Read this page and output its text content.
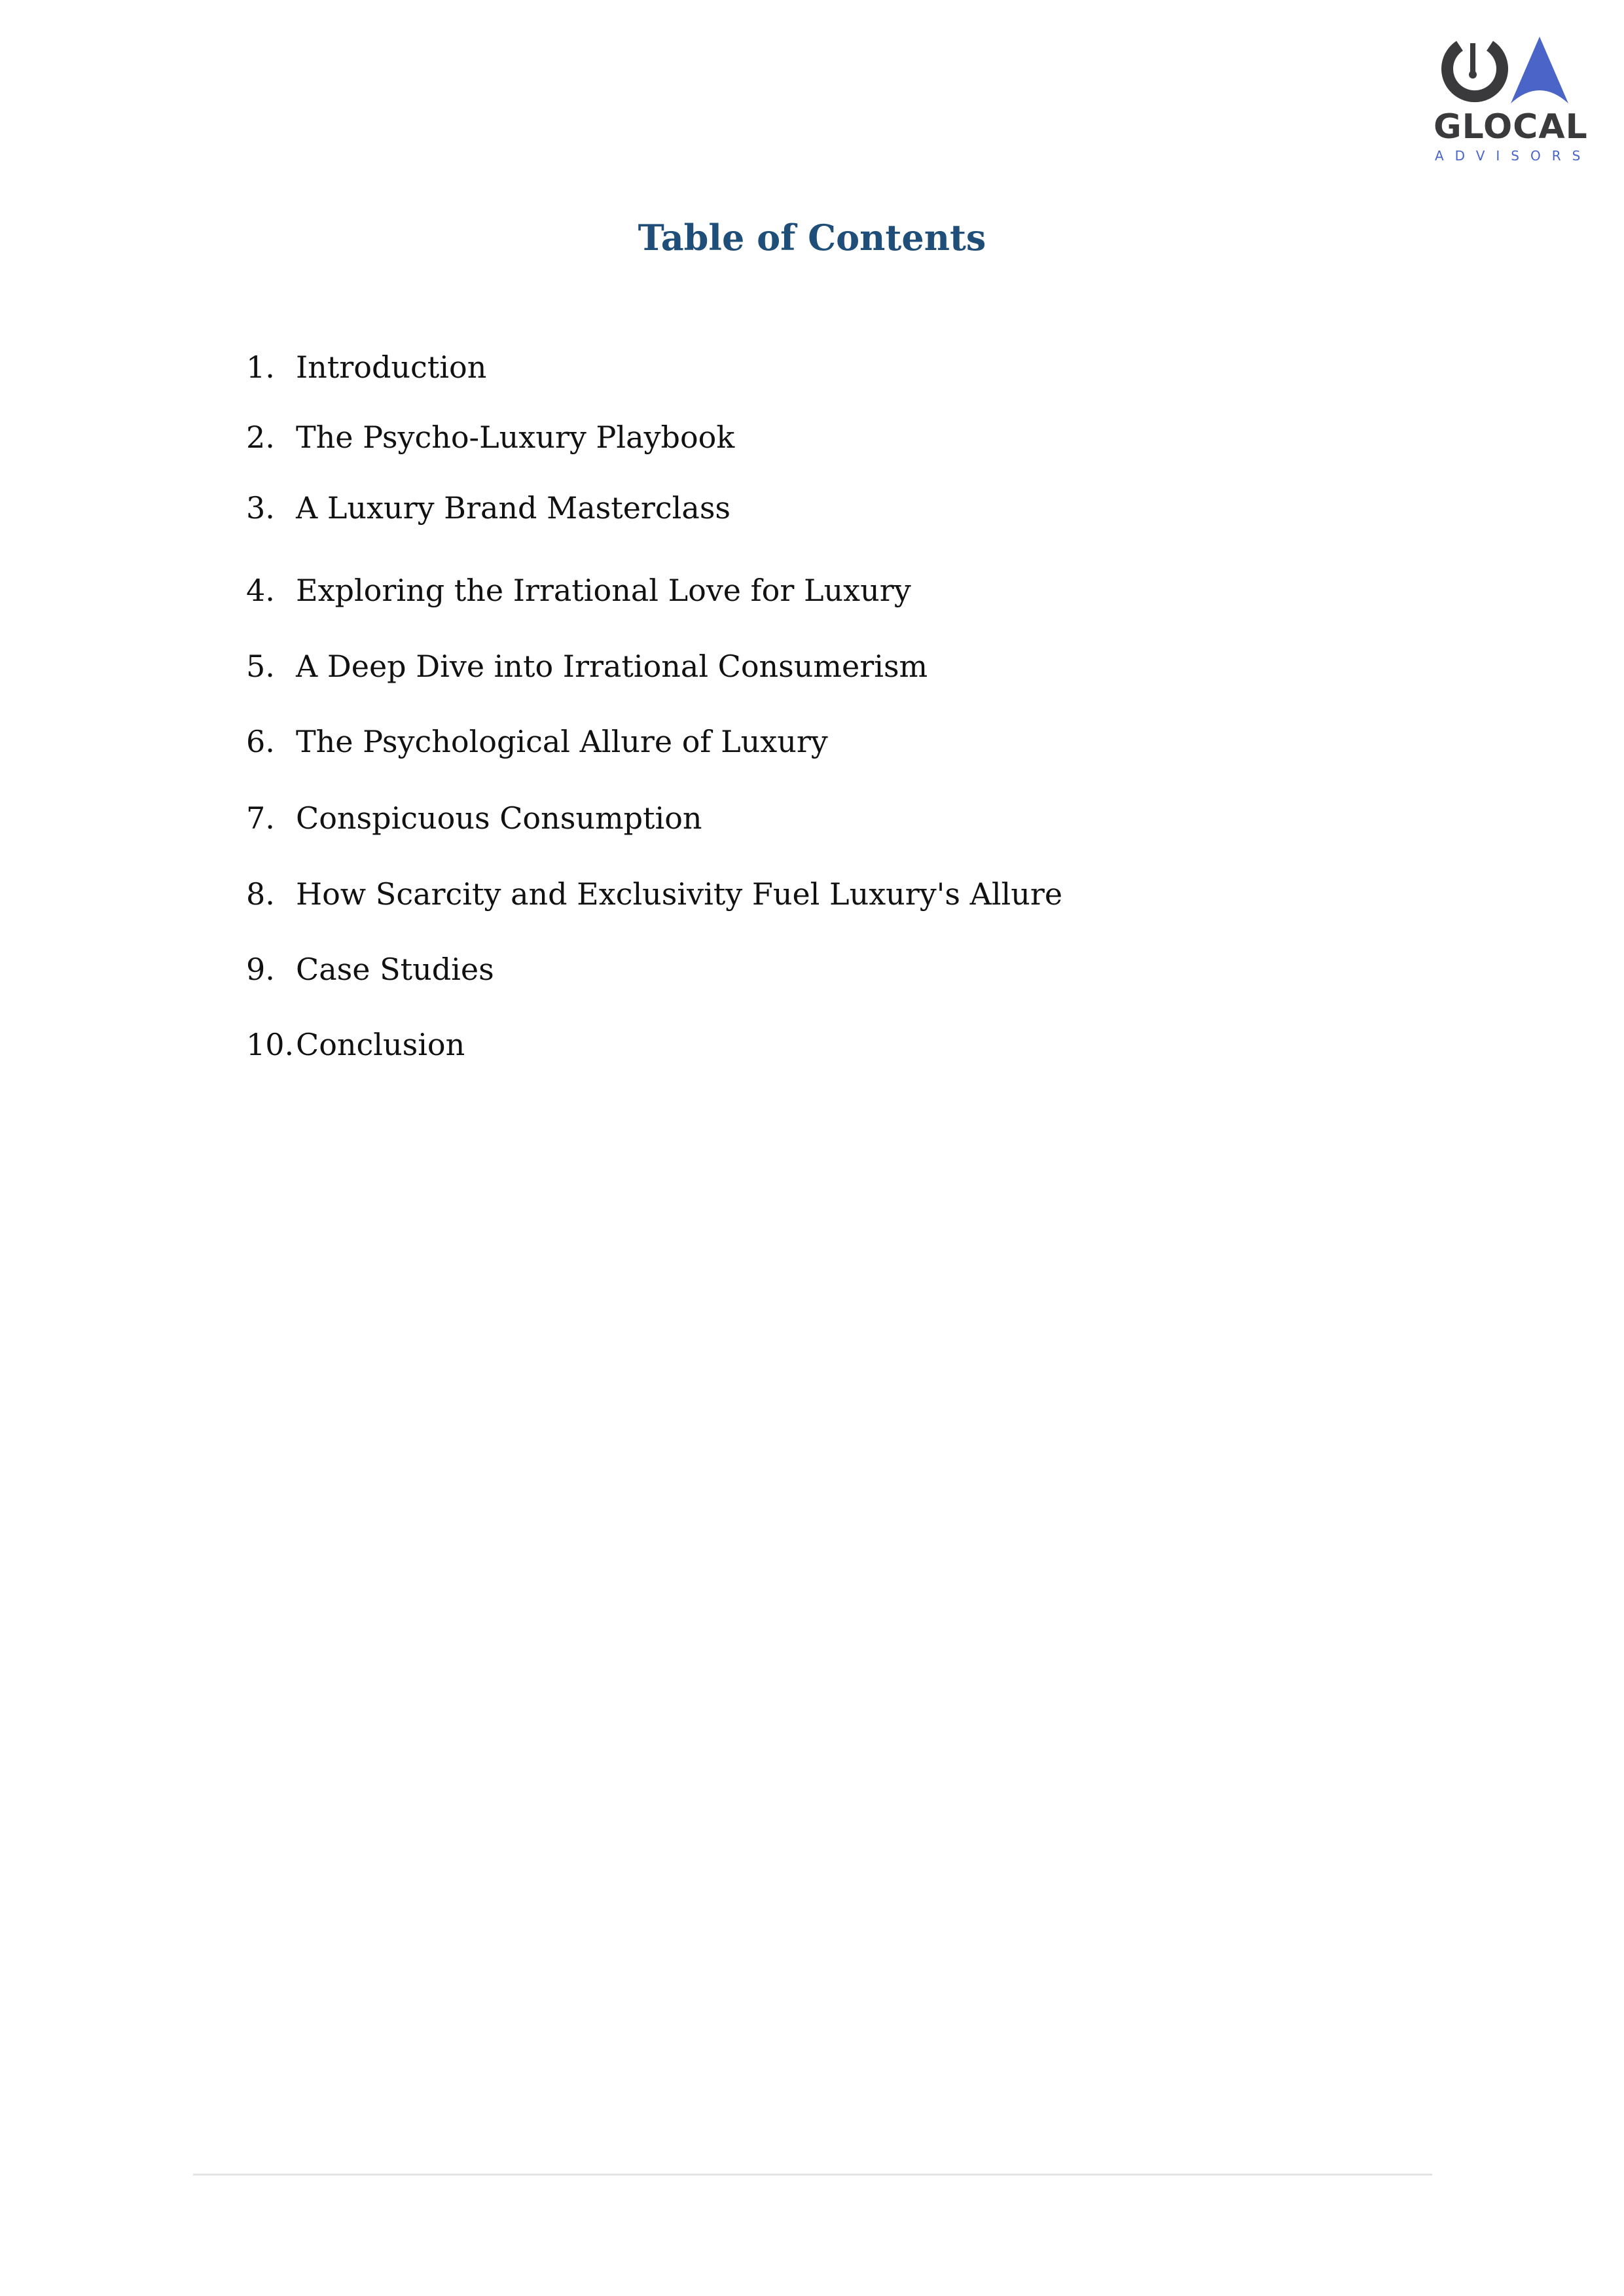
GLOCAL
ADVISORS
Table of Contents
1. Introduction
2. The Psycho-Luxury Playbook
3. A Luxury Brand Masterclass
4. Exploring the Irrational Love for Luxury
5. A Deep Dive into Irrational Consumerism
6. The Psychological Allure of Luxury
7. Conspicuous Consumption
8. How Scarcity and Exclusivity Fuel Luxury's Allure
9. Case Studies
10.Conclusion
